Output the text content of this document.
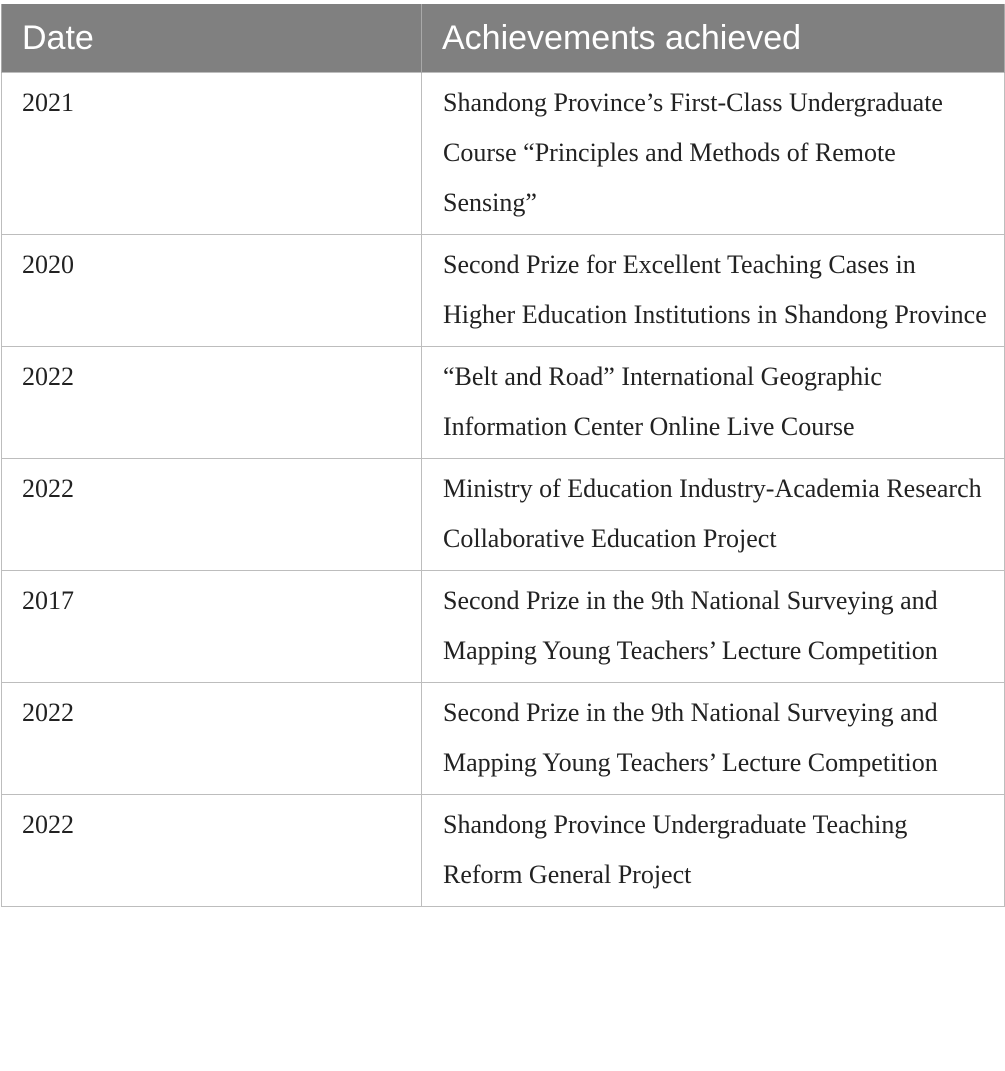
Date	Achievements achieved
2021	Shandong Province’s First-Class Undergraduate Course “Principles and Methods of Remote Sensing”
2020	Second Prize for Excellent Teaching Cases in Higher Education Institutions in Shandong Province
2022	“Belt and Road” International Geographic Information Center Online Live Course
2022	Ministry of Education Industry-Academia Research Collaborative Education Project
2017	Second Prize in the 9th National Surveying and Mapping Young Teachers’ Lecture Competition
2022	Second Prize in the 9th National Surveying and Mapping Young Teachers’ Lecture Competition
2022	Shandong Province Undergraduate Teaching Reform General Project
